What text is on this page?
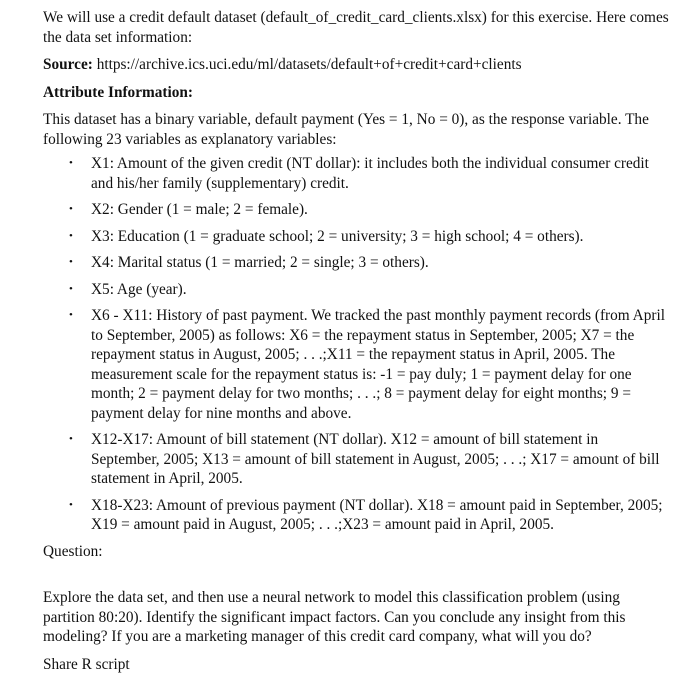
We will use a credit default dataset (default_of_credit_card_clients.xlsx) for this exercise. Here comes the data set information:

Source: https://archive.ics.uci.edu/ml/datasets/default+of+credit+card+clients

Attribute Information:

This dataset has a binary variable, default payment (Yes = 1, No = 0), as the response variable. The following 23 variables as explanatory variables:

• X1: Amount of the given credit (NT dollar): it includes both the individual consumer credit and his/her family (supplementary) credit.
• X2: Gender (1 = male; 2 = female).
• X3: Education (1 = graduate school; 2 = university; 3 = high school; 4 = others).
• X4: Marital status (1 = married; 2 = single; 3 = others).
• X5: Age (year).
• X6 - X11: History of past payment. We tracked the past monthly payment records (from April to September, 2005) as follows: X6 = the repayment status in September, 2005; X7 = the repayment status in August, 2005; . . .;X11 = the repayment status in April, 2005. The measurement scale for the repayment status is: -1 = pay duly; 1 = payment delay for one month; 2 = payment delay for two months; . . .; 8 = payment delay for eight months; 9 = payment delay for nine months and above.
• X12-X17: Amount of bill statement (NT dollar). X12 = amount of bill statement in September, 2005; X13 = amount of bill statement in August, 2005; . . .; X17 = amount of bill statement in April, 2005.
• X18-X23: Amount of previous payment (NT dollar). X18 = amount paid in September, 2005; X19 = amount paid in August, 2005; . . .;X23 = amount paid in April, 2005.

Question:

Explore the data set, and then use a neural network to model this classification problem (using partition 80:20). Identify the significant impact factors. Can you conclude any insight from this modeling? If you are a marketing manager of this credit card company, what will you do?

Share R script
